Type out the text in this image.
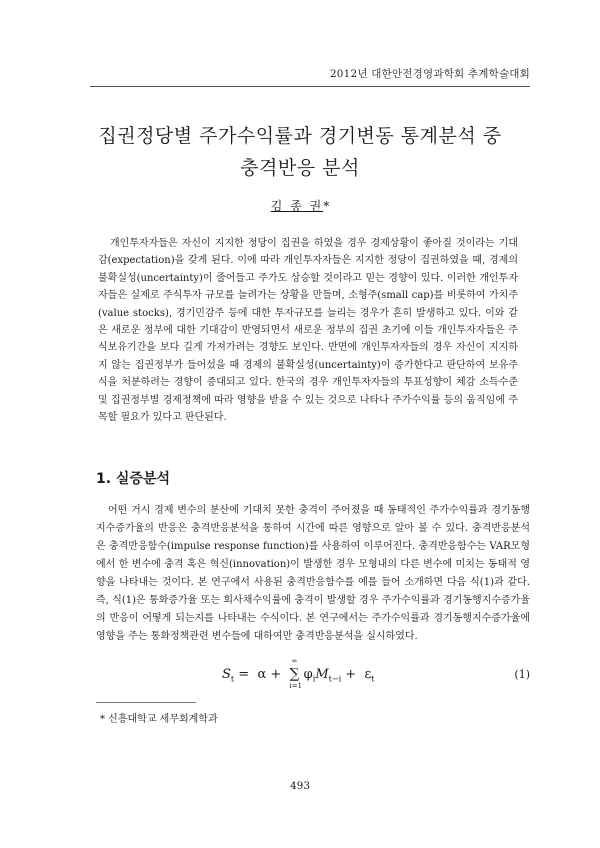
2012년 대한안전경영과학회 추계학술대회
집권정당별 주가수익률과 경기변동 통계분석 중
충격반응 분석
김 종 권*
개인투자자들은 자신이 지지한 정당이 집권을 하였을 경우 경제상황이 좋아질 것이라는 기대감(expectation)을 갖게 된다. 이에 따라 개인투자자들은 지지한 정당이 집권하였을 때, 경제의 불확실성(uncertainty)이 줄어들고 주가도 상승할 것이라고 믿는 경향이 있다. 이러한 개인투자자들은 실제로 주식투자 규모를 늘려가는 상황을 만들며, 소형주(small cap)를 비롯하여 가치주(value stocks), 경기민감주 등에 대한 투자규모를 늘리는 경우가 흔히 발생하고 있다. 이와 같은 새로운 정부에 대한 기대감이 반영되면서 새로운 정부의 집권 초기에 이들 개인투자자들은 주식보유기간을 보다 길게 가져가려는 경향도 보인다. 반면에 개인투자자들의 경우 자신이 지지하지 않는 집권정부가 들어섰을 때 경제의 불확실성(uncertainty)이 증가한다고 판단하여 보유주식을 처분하려는 경향이 증대되고 있다. 한국의 경우 개인투자자들의 투표성향이 체감 소득수준 및 집권정부별 경제정책에 따라 영향을 받을 수 있는 것으로 나타나 주가수익률 등의 움직임에 주목할 필요가 있다고 판단된다.
1. 실증분석
어떤 거시 경제 변수의 분산에 기대치 못한 충격이 주어졌을 때 동태적인 주가수익률과 경기동행지수증가율의 반응은 충격반응분석을 통하여 시간에 따른 영향으로 알아 볼 수 있다. 충격반응분석은 충격반응함수(impulse response function)를 사용하여 이루어진다. 충격반응함수는 VAR모형에서 한 변수에 충격 혹은 혁신(innovation)이 발생한 경우 모형내의 다른 변수에 미치는 동태적 영향을 나타내는 것이다. 본 연구에서 사용된 충격반응함수를 예를 들어 소개하면 다음 식(1)과 같다. 즉, 식(1)은 통화증가율 또는 회사채수익률에 충격이 발생할 경우 주가수익률과 경기동행지수증가율의 반응이 어떻게 되는지를 나타내는 수식이다. 본 연구에서는 주가수익률과 경기동행지수증가율에 영향을 주는 통화정책관련 변수들에 대하여만 충격반응분석을 실시하였다.
$S_t = \alpha$ +
∞
∑
i=1
$\varphi_iM_{t-i} + \varepsilon_t$	(1)
* 신흥대학교 세무회계학과
493
